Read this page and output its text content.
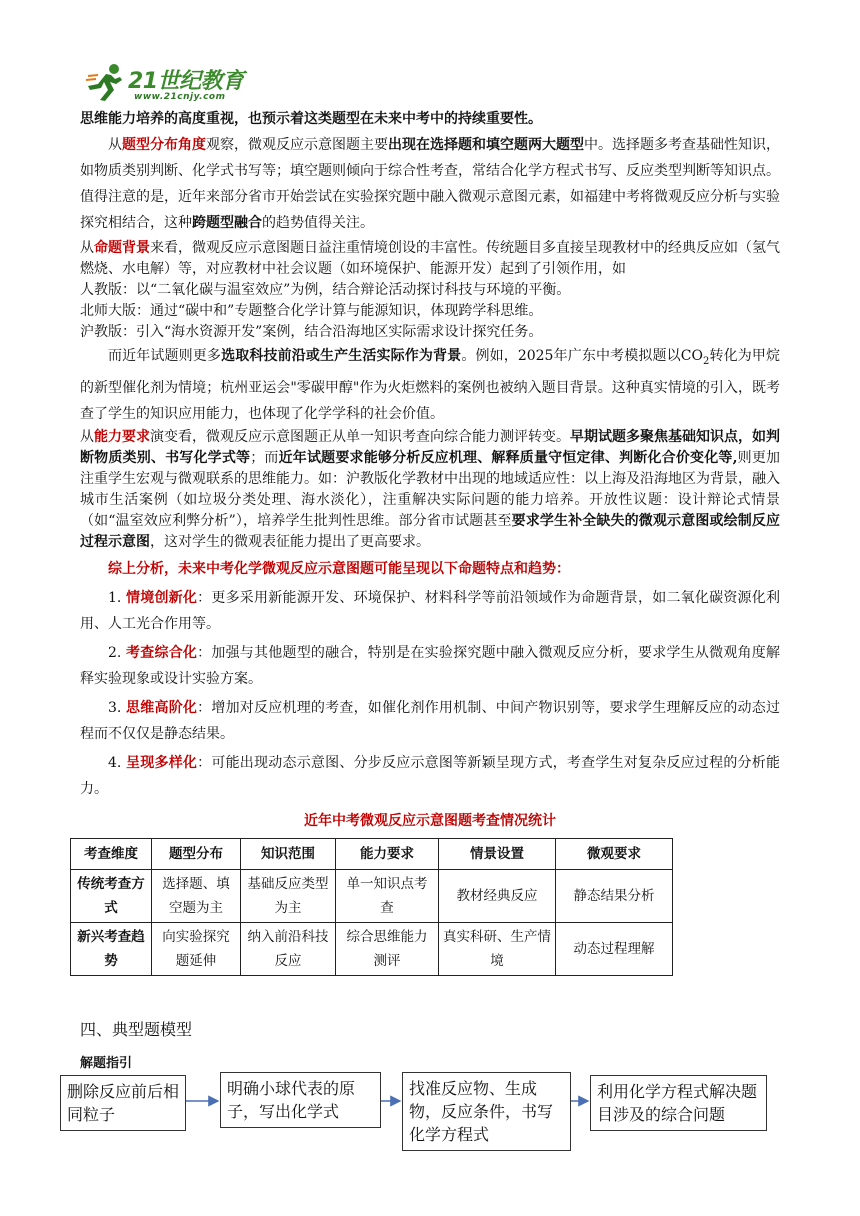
21世纪教育
www.21cnjy.com

思维能力培养的高度重视，也预示着这类题型在未来中考中的持续重要性。

从题型分布角度观察，微观反应示意图题主要出现在选择题和填空题两大题型中。选择题多考查基础性知识，如物质类别判断、化学式书写等；填空题则倾向于综合性考查，常结合化学方程式书写、反应类型判断等知识点。值得注意的是，近年来部分省市开始尝试在实验探究题中融入微观示意图元素，如福建中考将微观反应分析与实验探究相结合，这种跨题型融合的趋势值得关注。

从命题背景来看，微观反应示意图题日益注重情境创设的丰富性。传统题目多直接呈现教材中的经典反应如（氢气燃烧、水电解）等，对应教材中社会议题（如环境保护、能源开发）起到了引领作用，如

人教版：以“二氧化碳与温室效应”为例，结合辩论活动探讨科技与环境的平衡。

北师大版：通过“碳中和”专题整合化学计算与能源知识，体现跨学科思维。

沪教版：引入“海水资源开发”案例，结合沿海地区实际需求设计探究任务。

而近年试题则更多选取科技前沿或生产生活实际作为背景。例如，2025年广东中考模拟题以$CO_2$转化为甲烷的新型催化剂为情境；杭州亚运会"零碳甲醇"作为火炬燃料的案例也被纳入题目背景。这种真实情境的引入，既考查了学生的知识应用能力，也体现了化学学科的社会价值。

从能力要求演变看，微观反应示意图题正从单一知识考查向综合能力测评转变。早期试题多聚焦基础知识点，如判断物质类别、书写化学式等；而近年试题要求能够分析反应机理、解释质量守恒定律、判断化合价变化等,则更加注重学生宏观与微观联系的思维能力。如：沪教版化学教材中出现的地域适应性：以上海及沿海地区为背景，融入城市生活案例（如垃圾分类处理、海水淡化），注重解决实际问题的能力培养。开放性议题：设计辩论式情景（如“温室效应利弊分析”），培养学生批判性思维。部分省市试题甚至要求学生补全缺失的微观示意图或绘制反应过程示意图，这对学生的微观表征能力提出了更高要求。

综上分析，未来中考化学微观反应示意图题可能呈现以下命题特点和趋势：

1. 情境创新化：更多采用新能源开发、环境保护、材料科学等前沿领域作为命题背景，如二氧化碳资源化利用、人工光合作用等。

2. 考查综合化：加强与其他题型的融合，特别是在实验探究题中融入微观反应分析，要求学生从微观角度解释实验现象或设计实验方案。

3. 思维高阶化：增加对反应机理的考查，如催化剂作用机制、中间产物识别等，要求学生理解反应的动态过程而不仅仅是静态结果。

4. 呈现多样化：可能出现动态示意图、分步反应示意图等新颖呈现方式，考查学生对复杂反应过程的分析能力。

近年中考微观反应示意图题考查情况统计
考查维度	题型分布	知识范围	能力要求	情景设置	微观要求
传统考查方式	选择题、填空题为主	基础反应类型为主	单一知识点考查	教材经典反应	静态结果分析
新兴考查趋势	向实验探究题延伸	纳入前沿科技反应	综合思维能力测评	真实科研、生产情境	动态过程理解
四、典型题模型
解题指引
删除反应前后相同粒子
明确小球代表的原子，写出化学式
找准反应物、生成物，反应条件，书写化学方程式
利用化学方程式解决题目涉及的综合问题
